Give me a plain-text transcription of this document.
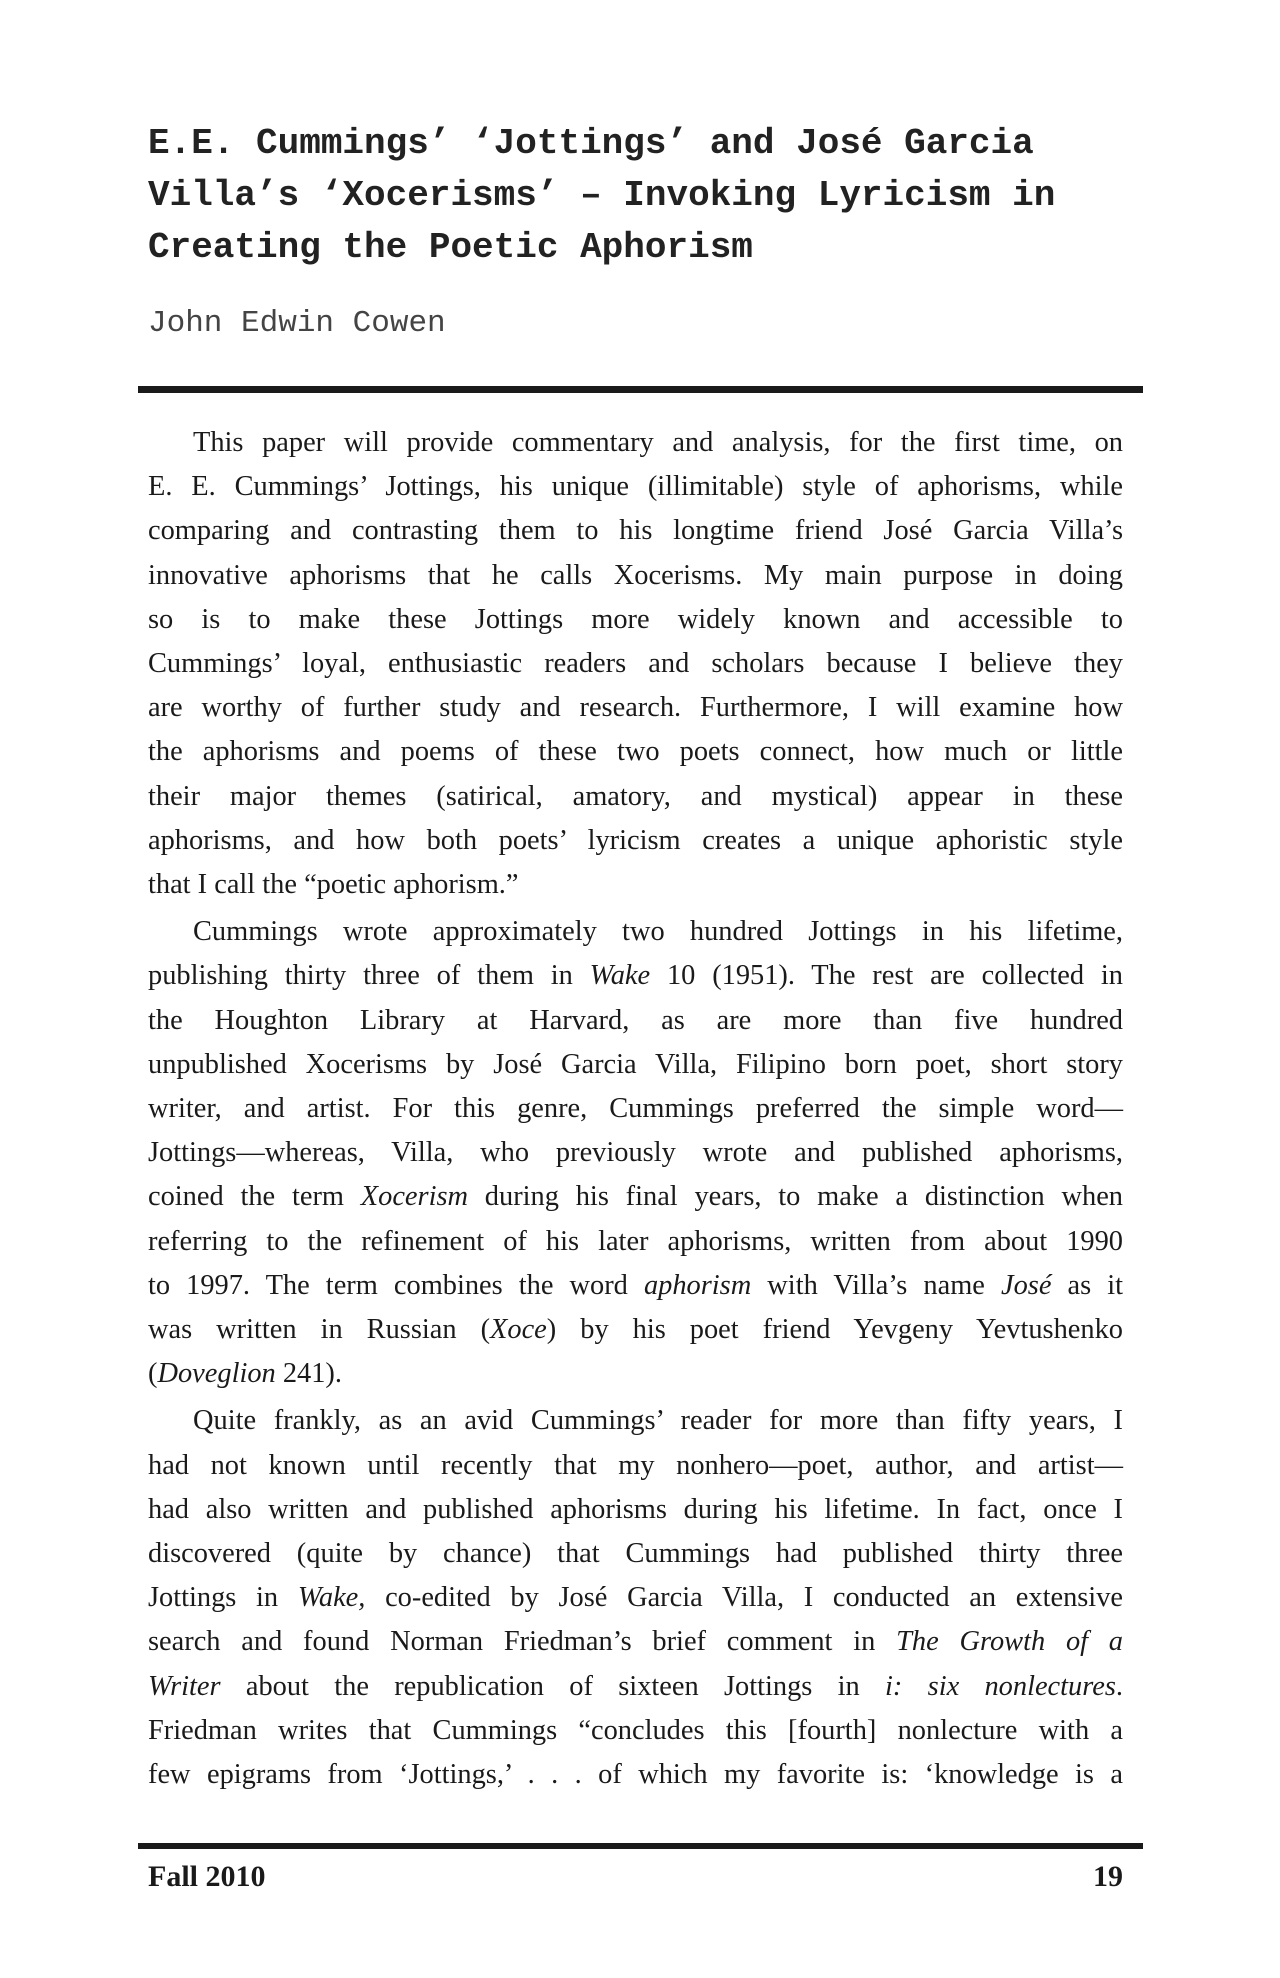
E.E. Cummings’ ‘Jottings’ and José Garcia
Villa’s ‘Xocerisms’ – Invoking Lyricism in
Creating the Poetic Aphorism

John Edwin Cowen

This paper will provide commentary and analysis, for the first time, on
E. E. Cummings’ Jottings, his unique (illimitable) style of aphorisms, while
comparing and contrasting them to his longtime friend José Garcia Villa’s
innovative aphorisms that he calls Xocerisms. My main purpose in doing
so is to make these Jottings more widely known and accessible to
Cummings’ loyal, enthusiastic readers and scholars because I believe they
are worthy of further study and research. Furthermore, I will examine how
the aphorisms and poems of these two poets connect, how much or little
their major themes (satirical, amatory, and mystical) appear in these
aphorisms, and how both poets’ lyricism creates a unique aphoristic style
that I call the “poetic aphorism.”

Cummings wrote approximately two hundred Jottings in his lifetime,
publishing thirty three of them in Wake 10 (1951). The rest are collected in
the Houghton Library at Harvard, as are more than five hundred
unpublished Xocerisms by José Garcia Villa, Filipino born poet, short story
writer, and artist. For this genre, Cummings preferred the simple word—
Jottings—whereas, Villa, who previously wrote and published aphorisms,
coined the term Xocerism during his final years, to make a distinction when
referring to the refinement of his later aphorisms, written from about 1990
to 1997. The term combines the word aphorism with Villa’s name José as it
was written in Russian (Xoce) by his poet friend Yevgeny Yevtushenko
(Doveglion 241).

Quite frankly, as an avid Cummings’ reader for more than fifty years, I
had not known until recently that my nonhero—poet, author, and artist—
had also written and published aphorisms during his lifetime. In fact, once I
discovered (quite by chance) that Cummings had published thirty three
Jottings in Wake, co-edited by José Garcia Villa, I conducted an extensive
search and found Norman Friedman’s brief comment in The Growth of a
Writer about the republication of sixteen Jottings in i: six nonlectures.
Friedman writes that Cummings “concludes this [fourth] nonlecture with a
few epigrams from ‘Jottings,’ . . . of which my favorite is: ‘knowledge is a

Fall 2010	19
